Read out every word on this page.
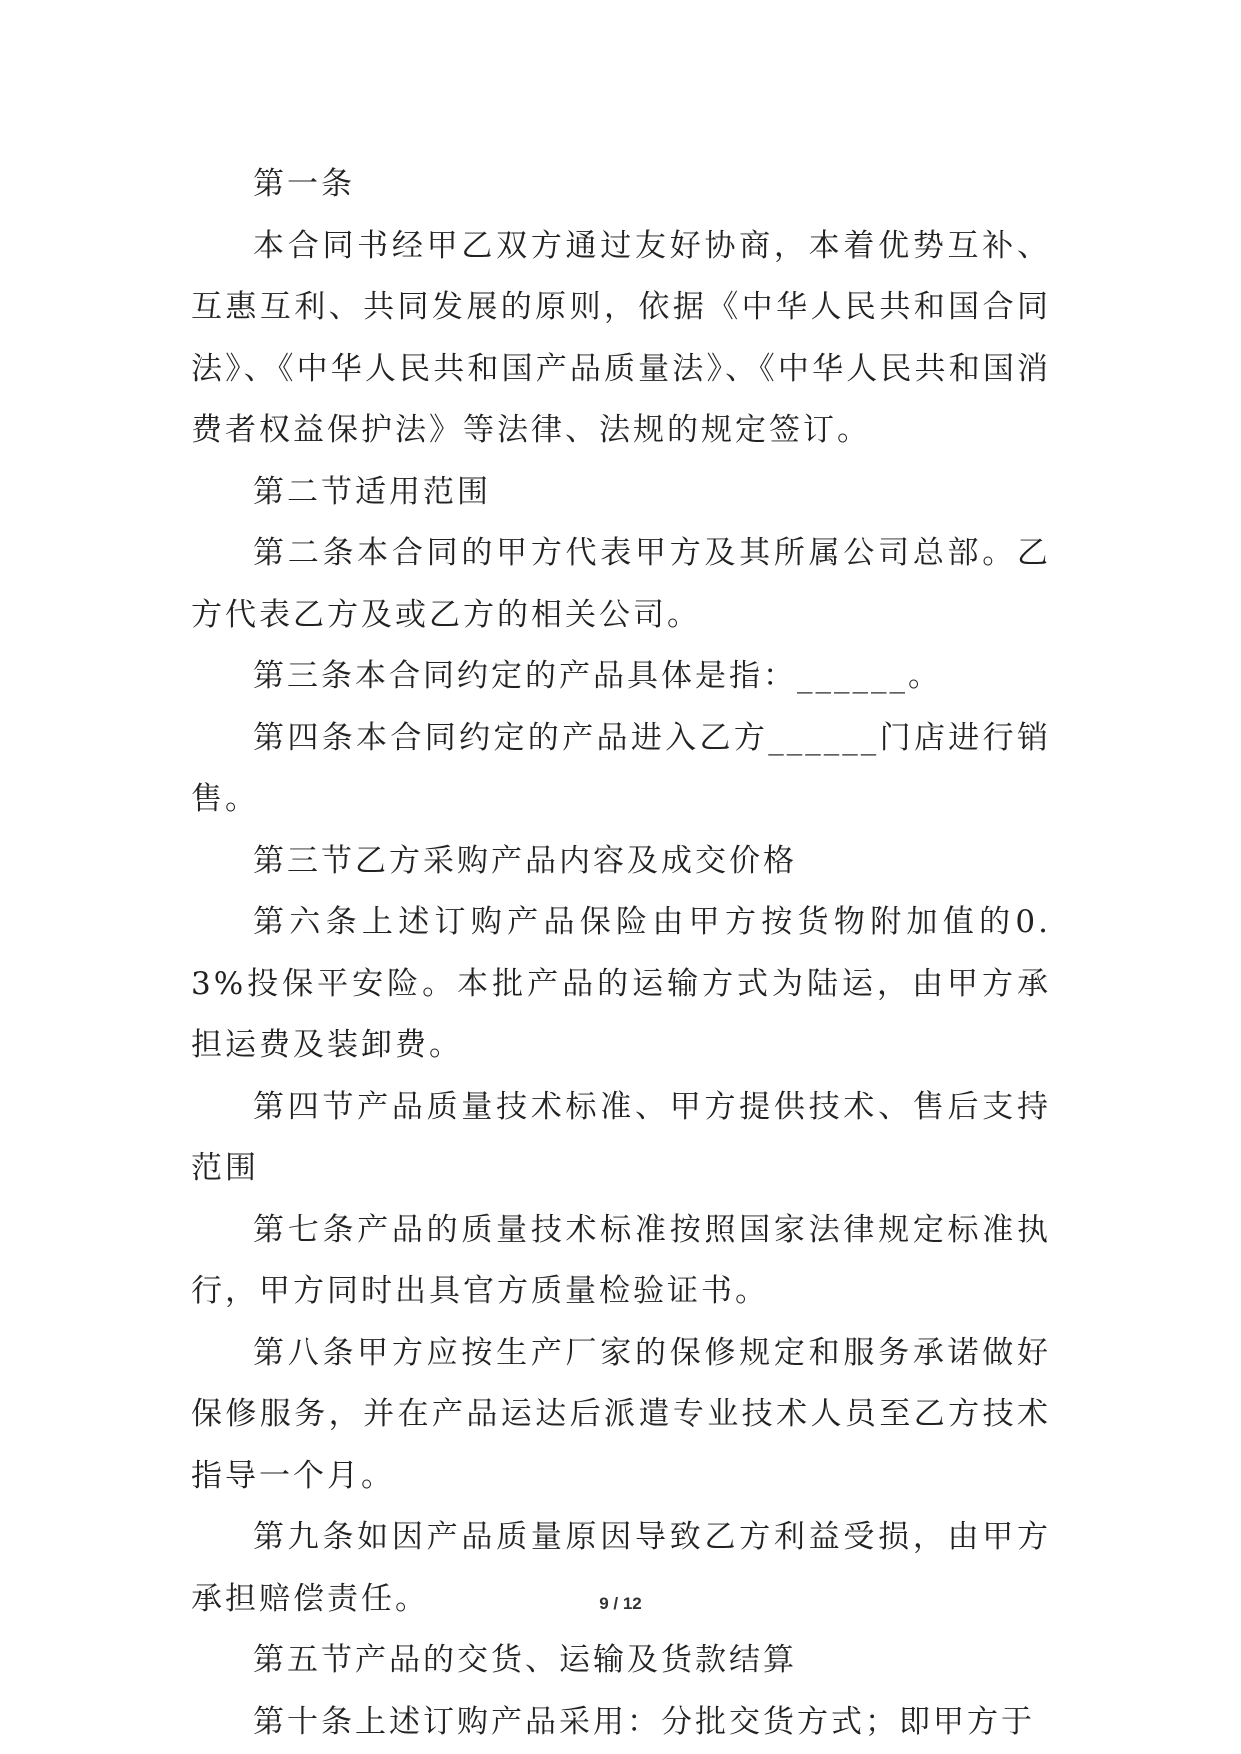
第一条

本合同书经甲乙双方通过友好协商，本着优势互补、互惠互利、共同发展的原则，依据《中华人民共和国合同法》、《中华人民共和国产品质量法》、《中华人民共和国消费者权益保护法》等法律、法规的规定签订。

第二节适用范围

第二条本合同的甲方代表甲方及其所属公司总部。乙方代表乙方及或乙方的相关公司。

第三条本合同约定的产品具体是指：______。

第四条本合同约定的产品进入乙方______门店进行销售。

第三节乙方采购产品内容及成交价格

第六条上述订购产品保险由甲方按货物附加值的0.3%投保平安险。本批产品的运输方式为陆运，由甲方承担运费及装卸费。

第四节产品质量技术标准、甲方提供技术、售后支持范围

第七条产品的质量技术标准按照国家法律规定标准执行，甲方同时出具官方质量检验证书。

第八条甲方应按生产厂家的保修规定和服务承诺做好保修服务，并在产品运达后派遣专业技术人员至乙方技术指导一个月。

第九条如因产品质量原因导致乙方利益受损，由甲方承担赔偿责任。

第五节产品的交货、运输及货款结算

第十条上述订购产品采用：分批交货方式；即甲方于

9 / 12
